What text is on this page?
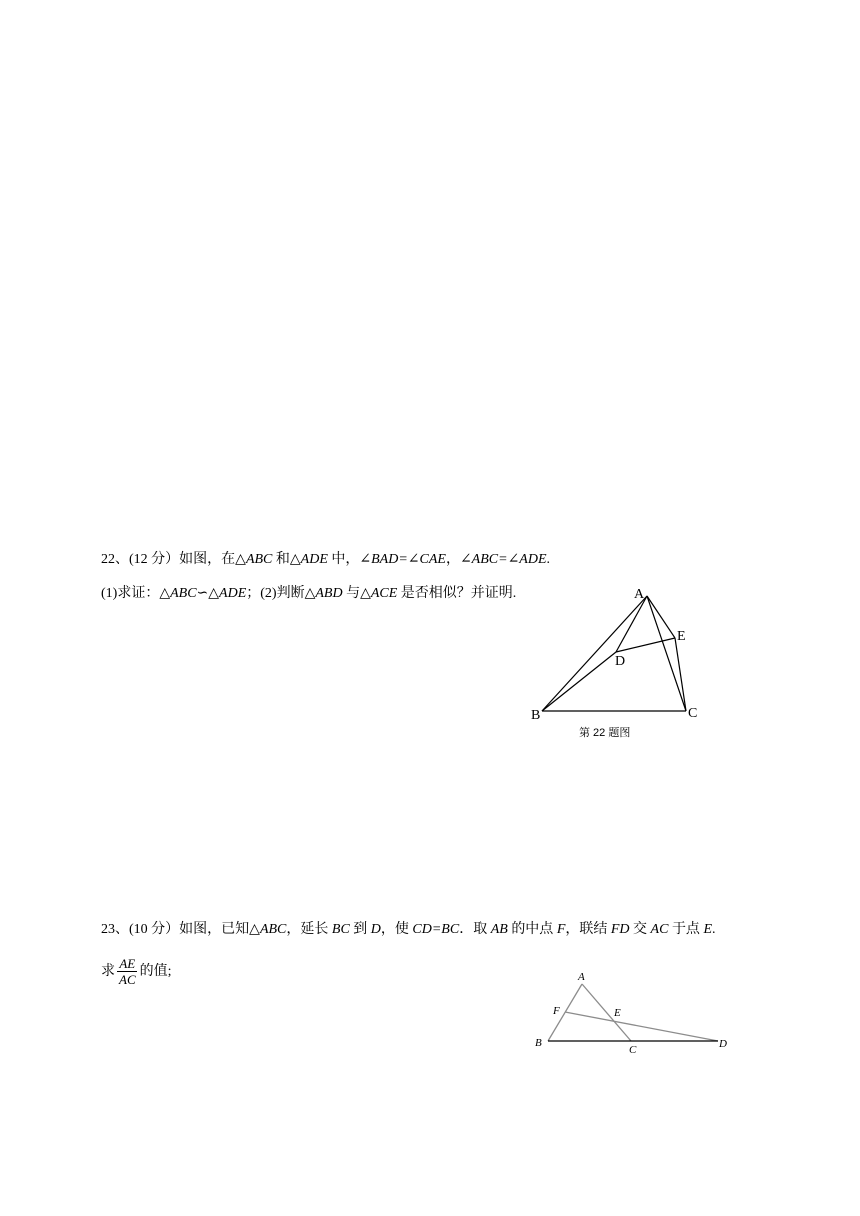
22、(12 分）如图，在△ABC 和△ADE 中，∠BAD=∠CAE，∠ABC=∠ADE.
(1)求证：△ABC∽△ADE；(2)判断△ABD 与△ACE 是否相似？并证明.	A
E
D
B	C
第 22 题图
23、(10 分）如图，已知△ABC，延长 BC 到 D，使 CD=BC．取 AB 的中点 F，联结 FD 交 AC 于点 E.
求 $\frac{AE}{AC}$ 的值;	A
F	E
B
C	D
